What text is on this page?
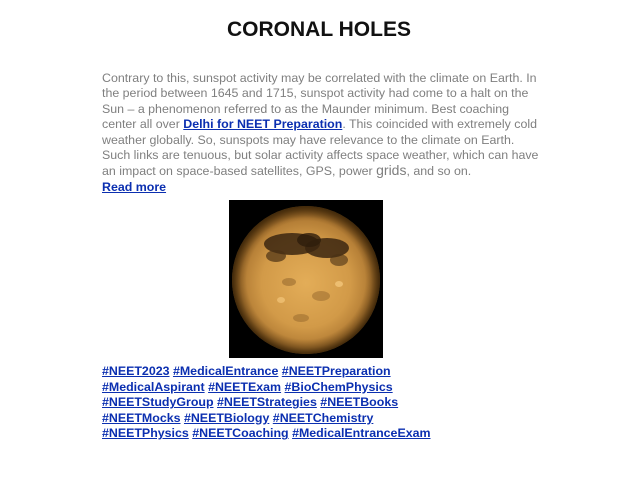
CORONAL HOLES

Contrary to this, sunspot activity may be correlated with the climate on Earth. In the period between 1645 and 1715, sunspot activity had come to a halt on the Sun – a phenomenon referred to as the Maunder minimum. Best coaching center all over Delhi for NEET Preparation. This coincided with extremely cold weather globally. So, sunspots may have relevance to the climate on Earth.

Such links are tenuous, but solar activity affects space weather, which can have an impact on space-based satellites, GPS, power grids, and so on.

Read more

#NEET2023 #MedicalEntrance #NEETPreparation
#MedicalAspirant #NEETExam #BioChemPhysics
#NEETStudyGroup #NEETStrategies #NEETBooks
#NEETMocks #NEETBiology #NEETChemistry
#NEETPhysics #NEETCoaching #MedicalEntranceExam
